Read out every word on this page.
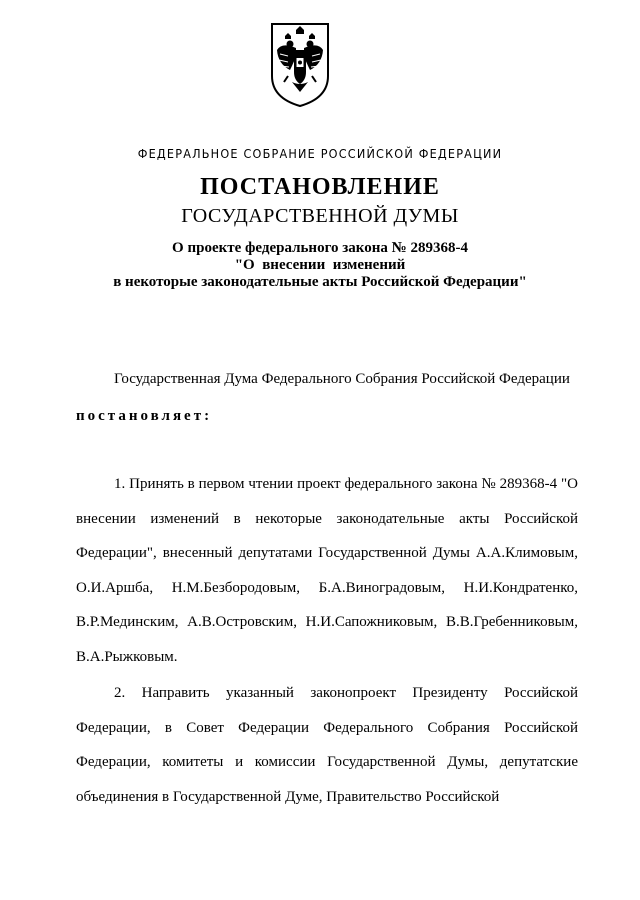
ФЕДЕРАЛЬНОЕ СОБРАНИЕ РОССИЙСКОЙ ФЕДЕРАЦИИ
ПОСТАНОВЛЕНИЕ
ГОСУДАРСТВЕННОЙ ДУМЫ
О проекте федерального закона № 289368-4
"О  внесении  изменений
в некоторые законодательные акты Российской Федерации"
Государственная Дума Федерального Собрания Российской Федерации
постановляет:
1. Принять в первом чтении проект федерального закона № 289368-4 "О внесении изменений в некоторые законодательные акты Российской Федерации", внесенный депутатами Государственной Думы А.А.Климовым, О.И.Аршба, Н.М.Безбородовым, Б.А.Виноградовым, Н.И.Кондратенко, В.Р.Мединским, А.В.Островским, Н.И.Сапожниковым, В.В.Гребенниковым, В.А.Рыжковым.
2. Направить указанный законопроект Президенту Российской Федерации, в Совет Федерации Федерального Собрания Российской Федерации, комитеты и комиссии Государственной Думы, депутатские объединения в Государственной Думе, Правительство Российской
